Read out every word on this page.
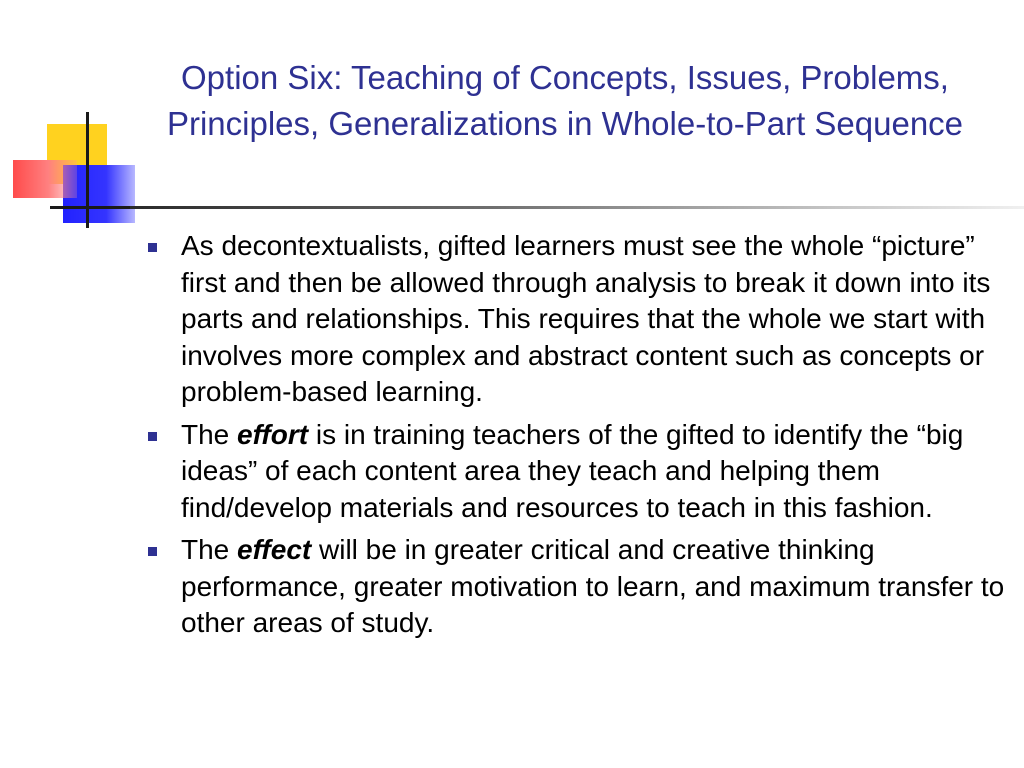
Option Six: Teaching of Concepts, Issues, Problems, Principles, Generalizations in Whole-to-Part Sequence
As decontextualists, gifted learners must see the whole “picture” first and then be allowed through analysis to break it down into its parts and relationships. This requires that the whole we start with involves more complex and abstract content such as concepts or problem-based learning.
The effort is in training teachers of the gifted to identify the “big ideas” of each content area they teach and helping them find/develop materials and resources to teach in this fashion.
The effect will be in greater critical and creative thinking performance, greater motivation to learn, and maximum transfer to other areas of study.
